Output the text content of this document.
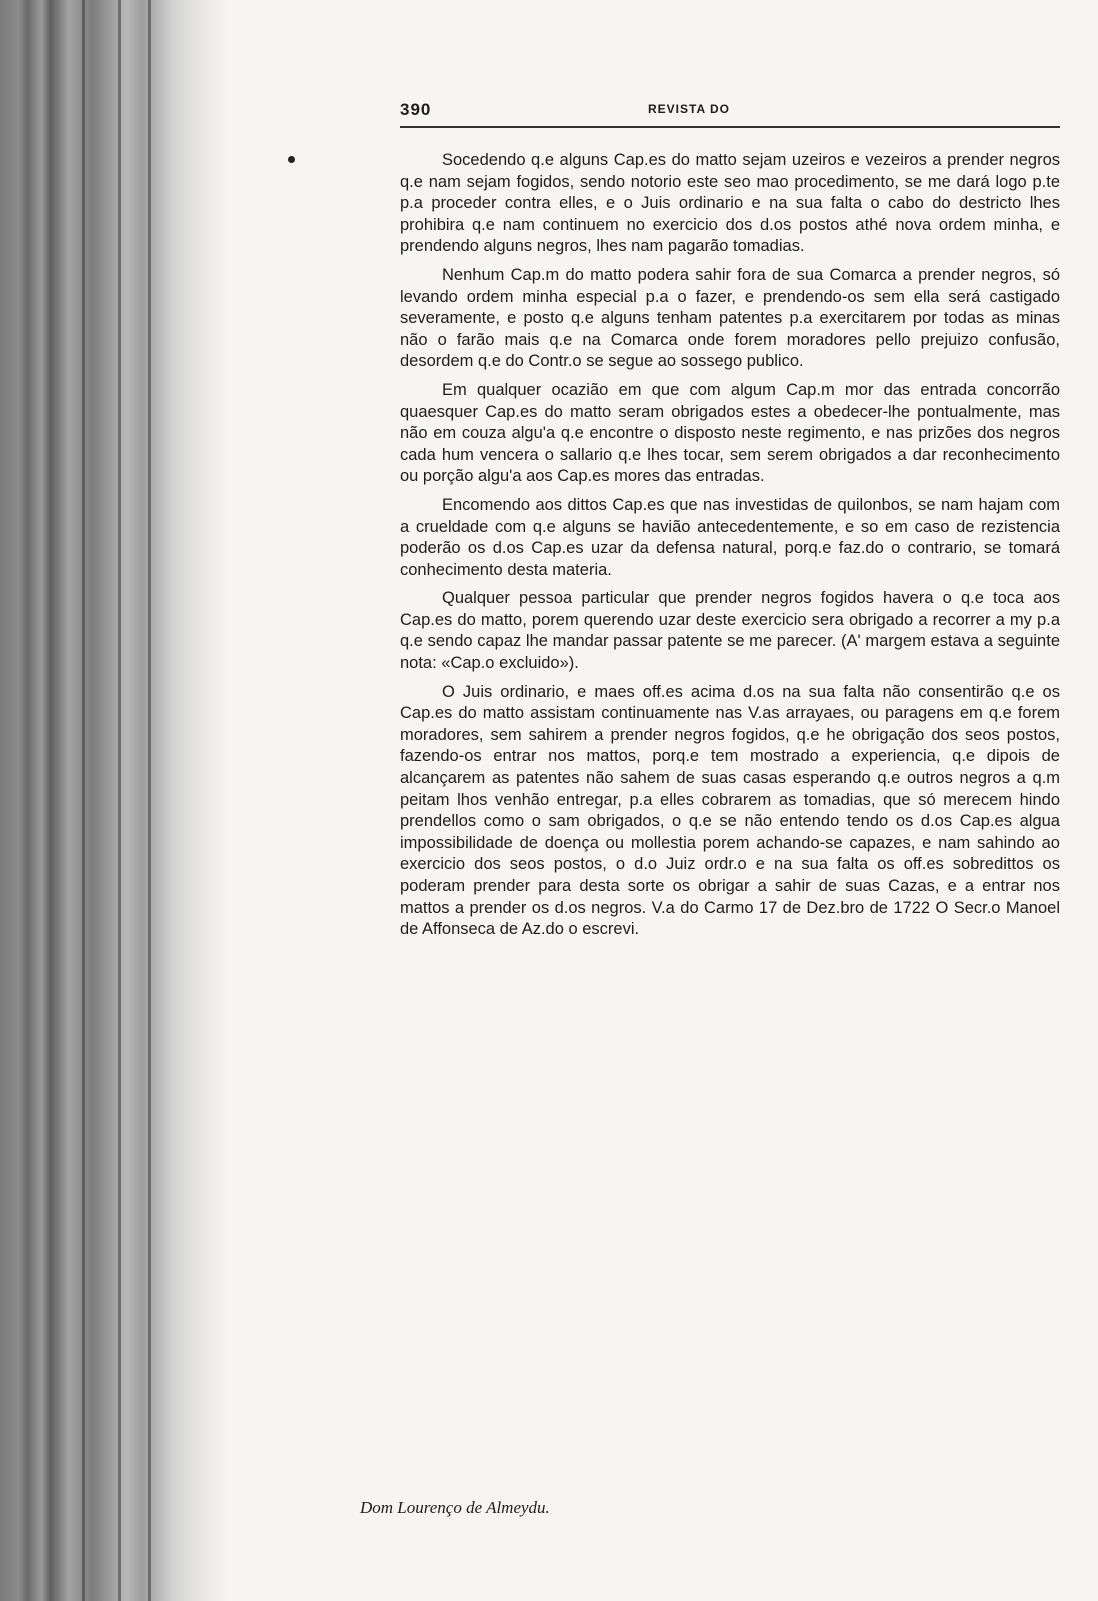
390	REVISTA DO

Socedendo q.e alguns Cap.es do matto sejam uzeiros e vezeiros a prender negros q.e nam sejam fogidos, sendo notorio este seo mao procedimento, se me dará logo p.te p.a proceder contra elles, e o Juis ordinario e na sua falta o cabo do destricto lhes prohibira q.e nam continuem no exercicio dos d.os postos athé nova ordem minha, e prendendo alguns negros, lhes nam pagarão tomadias.

Nenhum Cap.m do matto podera sahir fora de sua Comarca a prender negros, só levando ordem minha especial p.a o fazer, e prendendo-os sem ella será castigado severamente, e posto q.e alguns tenham patentes p.a exercitarem por todas as minas não o farão mais q.e na Comarca onde forem moradores pello prejuizo confusão, desordem q.e do Contr.o se segue ao sossego publico.

Em qualquer ocazião em que com algum Cap.m mor das entrada concorrão quaesquer Cap.es do matto seram obrigados estes a obedecer-lhe pontualmente, mas não em couza algu'a q.e encontre o disposto neste regimento, e nas prizões dos negros cada hum vencera o sallario q.e lhes tocar, sem serem obrigados a dar reconhecimento ou porção algu'a aos Cap.es mores das entradas.

Encomendo aos dittos Cap.es que nas investidas de quilonbos, se nam hajam com a crueldade com q.e alguns se havião antecedentemente, e so em caso de rezistencia poderão os d.os Cap.es uzar da defensa natural, porq.e faz.do o contrario, se tomará conhecimento desta materia.

Qualquer pessoa particular que prender negros fogidos havera o q.e toca aos Cap.es do matto, porem querendo uzar deste exercicio sera obrigado a recorrer a my p.a q.e sendo capaz lhe mandar passar patente se me parecer. (A' margem estava a seguinte nota: «Cap.o excluido»).

O Juis ordinario, e maes off.es acima d.os na sua falta não consentirão q.e os Cap.es do matto assistam continuamente nas V.as arrayaes, ou paragens em q.e forem moradores, sem sahirem a prender negros fogidos, q.e he obrigação dos seos postos, fazendo-os entrar nos mattos, porq.e tem mostrado a experiencia, q.e dipois de alcançarem as patentes não sahem de suas casas esperando q.e outros negros a q.m peitam lhos venhão entregar, p.a elles cobrarem as tomadias, que só merecem hindo prendellos como o sam obrigados, o q.e se não entendo tendo os d.os Cap.es algua impossibilidade de doença ou mollestia porem achando-se capazes, e nam sahindo ao exercicio dos seos postos, o d.o Juiz ordr.o e na sua falta os off.es sobredittos os poderam prender para desta sorte os obrigar a sahir de suas Cazas, e a entrar nos mattos a prender os d.os negros. V.a do Carmo 17 de Dez.bro de 1722 O Secr.o Manoel de Affonseca de Az.do o escrevi.

Dom Lourenço de Almeydu.
